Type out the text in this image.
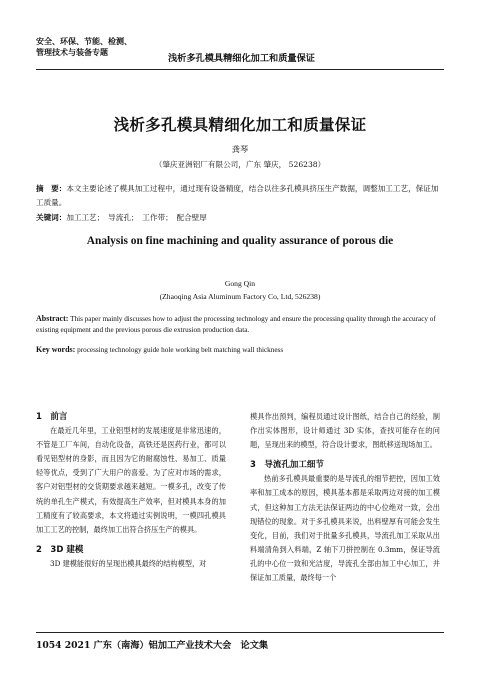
安全、环保、节能、检测、
管理技术与装备专题
浅析多孔模具精细化加工和质量保证
浅析多孔模具精细化加工和质量保证
龚琴
（肇庆亚洲铝厂有限公司，广东 肇庆， 526238）
摘　要：本文主要论述了模具加工过程中，通过现有设备精度，结合以往多孔模具挤压生产数据，调整加工工艺，保证加工质量。
关键词：加工工艺；　导流孔；　工作带；　配合壁厚
Analysis on fine machining and quality assurance of porous die
Gong Qin
(Zhaoqing Asia Aluminum Factory Co, Ltd, 526238)
Abstract: This paper mainly discusses how to adjust the processing technology and ensure the processing quality through the accuracy of existing equipment and the previous porous die extrusion production data.
Key words: processing technology guide hole working belt matching wall thickness

1　前言

在最近几年里，工业铝型材的发展速度是非常迅速的，不管是工厂车间，自动化设备，高铁还是医药行业，都可以看见铝型材的身影，而且因为它的耐腐蚀性、易加工、质量轻等优点，受到了广大用户的喜爱。为了应对市场的需求，客户对铝型材的交货期要求越来越短。一模多孔，改变了传统的单孔生产模式，有效提高生产效率，但对模具本身的加工精度有了较高要求，本文将通过实例说明，一模四孔模具加工工艺的控制，最终加工出符合挤压生产的模具。

2　3D 建模

3D 建模能很好的呈现出模具最终的结构模型，对

模具作出预判，编程员通过设计图纸，结合自己的经验，制作出实体图形，设计师通过 3D 实体，查找可能存在的问题，呈现出来的模型，符合设计要求，图纸移送现场加工。

3　导流孔加工细节

热前多孔模具最重要的是导流孔的细节把控，因加工效率和加工成本的原因，模具基本都是采取两边对接的加工模式，但这种加工方法无法保证两边的中心位绝对一致，会出现错位的现象。对于多孔模具来说，出料壁厚有可能会发生变化，目前，我们对于批量多孔模具，导流孔加工采取从出料端清角到入料端，Z 轴下刀拼控制在 0.3mm，保证导流孔的中心位一致和光洁度，导流孔全部由加工中心加工，并保证加工质量，最终每一个

1054 2021 广东（南海）铝加工产业技术大会　论文集
